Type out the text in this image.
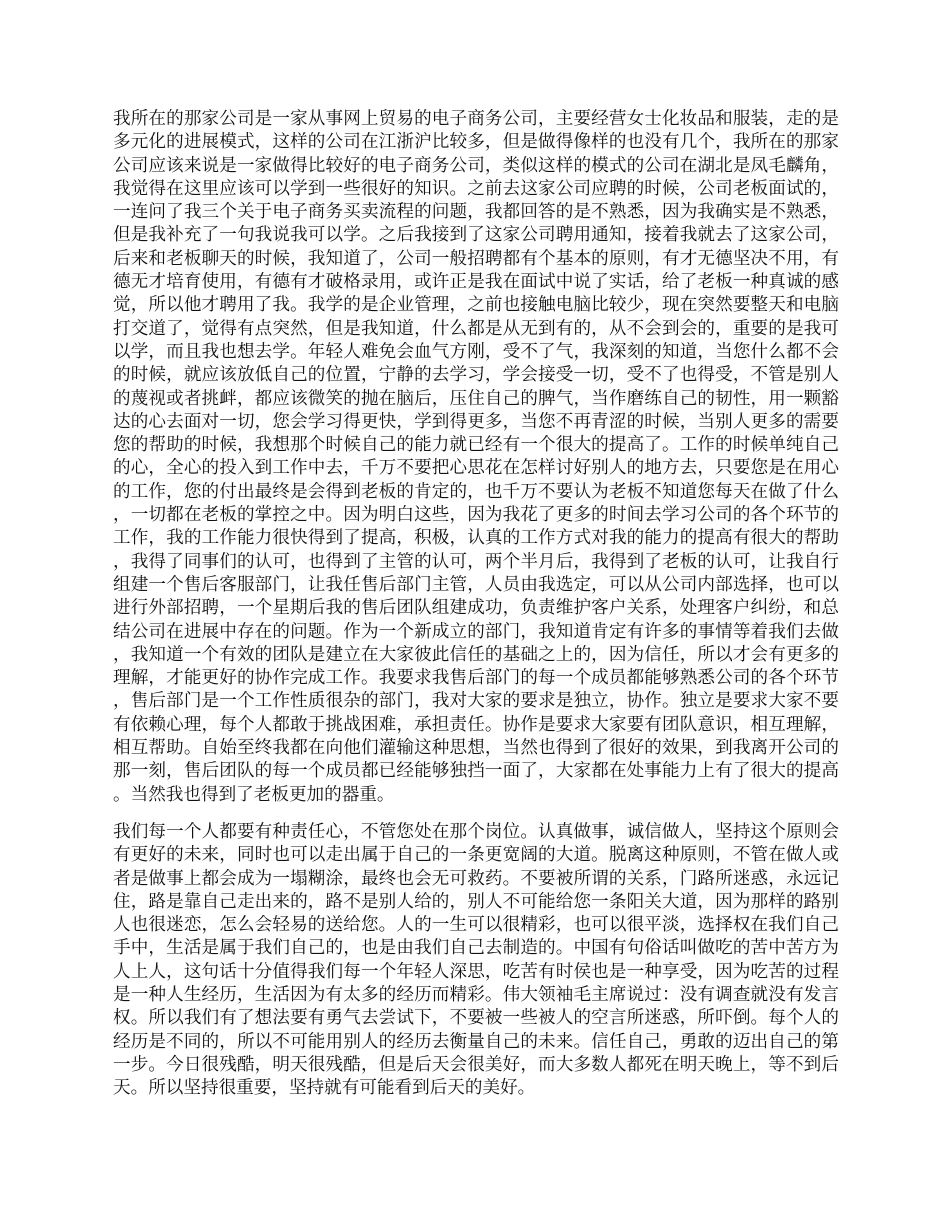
我所在的那家公司是一家从事网上贸易的电子商务公司，主要经营女士化妆品和服装，走的是多元化的进展模式，这样的公司在江浙沪比较多，但是做得像样的也没有几个，我所在的那家公司应该来说是一家做得比较好的电子商务公司，类似这样的模式的公司在湖北是凤毛麟角，我觉得在这里应该可以学到一些很好的知识。之前去这家公司应聘的时候，公司老板面试的，一连问了我三个关于电子商务买卖流程的问题，我都回答的是不熟悉，因为我确实是不熟悉，但是我补充了一句我说我可以学。之后我接到了这家公司聘用通知，接着我就去了这家公司，后来和老板聊天的时候，我知道了，公司一般招聘都有个基本的原则，有才无德坚决不用，有德无才培育使用，有德有才破格录用，或许正是我在面试中说了实话，给了老板一种真诚的感觉，所以他才聘用了我。我学的是企业管理，之前也接触电脑比较少，现在突然要整天和电脑打交道了，觉得有点突然，但是我知道，什么都是从无到有的，从不会到会的，重要的是我可以学，而且我也想去学。年轻人难免会血气方刚，受不了气，我深刻的知道，当您什么都不会的时候，就应该放低自己的位置，宁静的去学习，学会接受一切，受不了也得受，不管是别人的蔑视或者挑衅，都应该微笑的抛在脑后，压住自己的脾气，当作磨练自己的韧性，用一颗豁达的心去面对一切，您会学习得更快，学到得更多，当您不再青涩的时候，当别人更多的需要您的帮助的时候，我想那个时候自己的能力就已经有一个很大的提高了。工作的时候单纯自己的心，全心的投入到工作中去，千万不要把心思花在怎样讨好别人的地方去，只要您是在用心的工作，您的付出最终是会得到老板的肯定的，也千万不要认为老板不知道您每天在做了什么，一切都在老板的掌控之中。因为明白这些，因为我花了更多的时间去学习公司的各个环节的工作，我的工作能力很快得到了提高，积极，认真的工作方式对我的能力的提高有很大的帮助，我得了同事们的认可，也得到了主管的认可，两个半月后，我得到了老板的认可，让我自行组建一个售后客服部门，让我任售后部门主管，人员由我选定，可以从公司内部选择，也可以进行外部招聘，一个星期后我的售后团队组建成功，负责维护客户关系，处理客户纠纷，和总结公司在进展中存在的问题。作为一个新成立的部门，我知道肯定有许多的事情等着我们去做，我知道一个有效的团队是建立在大家彼此信任的基础之上的，因为信任，所以才会有更多的理解，才能更好的协作完成工作。我要求我售后部门的每一个成员都能够熟悉公司的各个环节，售后部门是一个工作性质很杂的部门，我对大家的要求是独立，协作。独立是要求大家不要有依赖心理，每个人都敢于挑战困难，承担责任。协作是要求大家要有团队意识，相互理解，相互帮助。自始至终我都在向他们灌输这种思想，当然也得到了很好的效果，到我离开公司的那一刻，售后团队的每一个成员都已经能够独挡一面了，大家都在处事能力上有了很大的提高。当然我也得到了老板更加的器重。

我们每一个人都要有种责任心，不管您处在那个岗位。认真做事，诚信做人，坚持这个原则会有更好的未来，同时也可以走出属于自己的一条更宽阔的大道。脱离这种原则，不管在做人或者是做事上都会成为一塌糊涂，最终也会无可救药。不要被所谓的关系，门路所迷惑，永远记住，路是靠自己走出来的，路不是别人给的，别人不可能给您一条阳关大道，因为那样的路别人也很迷恋，怎么会轻易的送给您。人的一生可以很精彩，也可以很平淡，选择权在我们自己手中，生活是属于我们自己的，也是由我们自己去制造的。中国有句俗话叫做吃的苦中苦方为人上人，这句话十分值得我们每一个年轻人深思，吃苦有时侯也是一种享受，因为吃苦的过程是一种人生经历，生活因为有太多的经历而精彩。伟大领袖毛主席说过：没有调查就没有发言权。所以我们有了想法要有勇气去尝试下，不要被一些被人的空言所迷惑，所吓倒。每个人的经历是不同的，所以不可能用别人的经历去衡量自己的未来。信任自己，勇敢的迈出自己的第一步。今日很残酷，明天很残酷，但是后天会很美好，而大多数人都死在明天晚上，等不到后天。所以坚持很重要，坚持就有可能看到后天的美好。
